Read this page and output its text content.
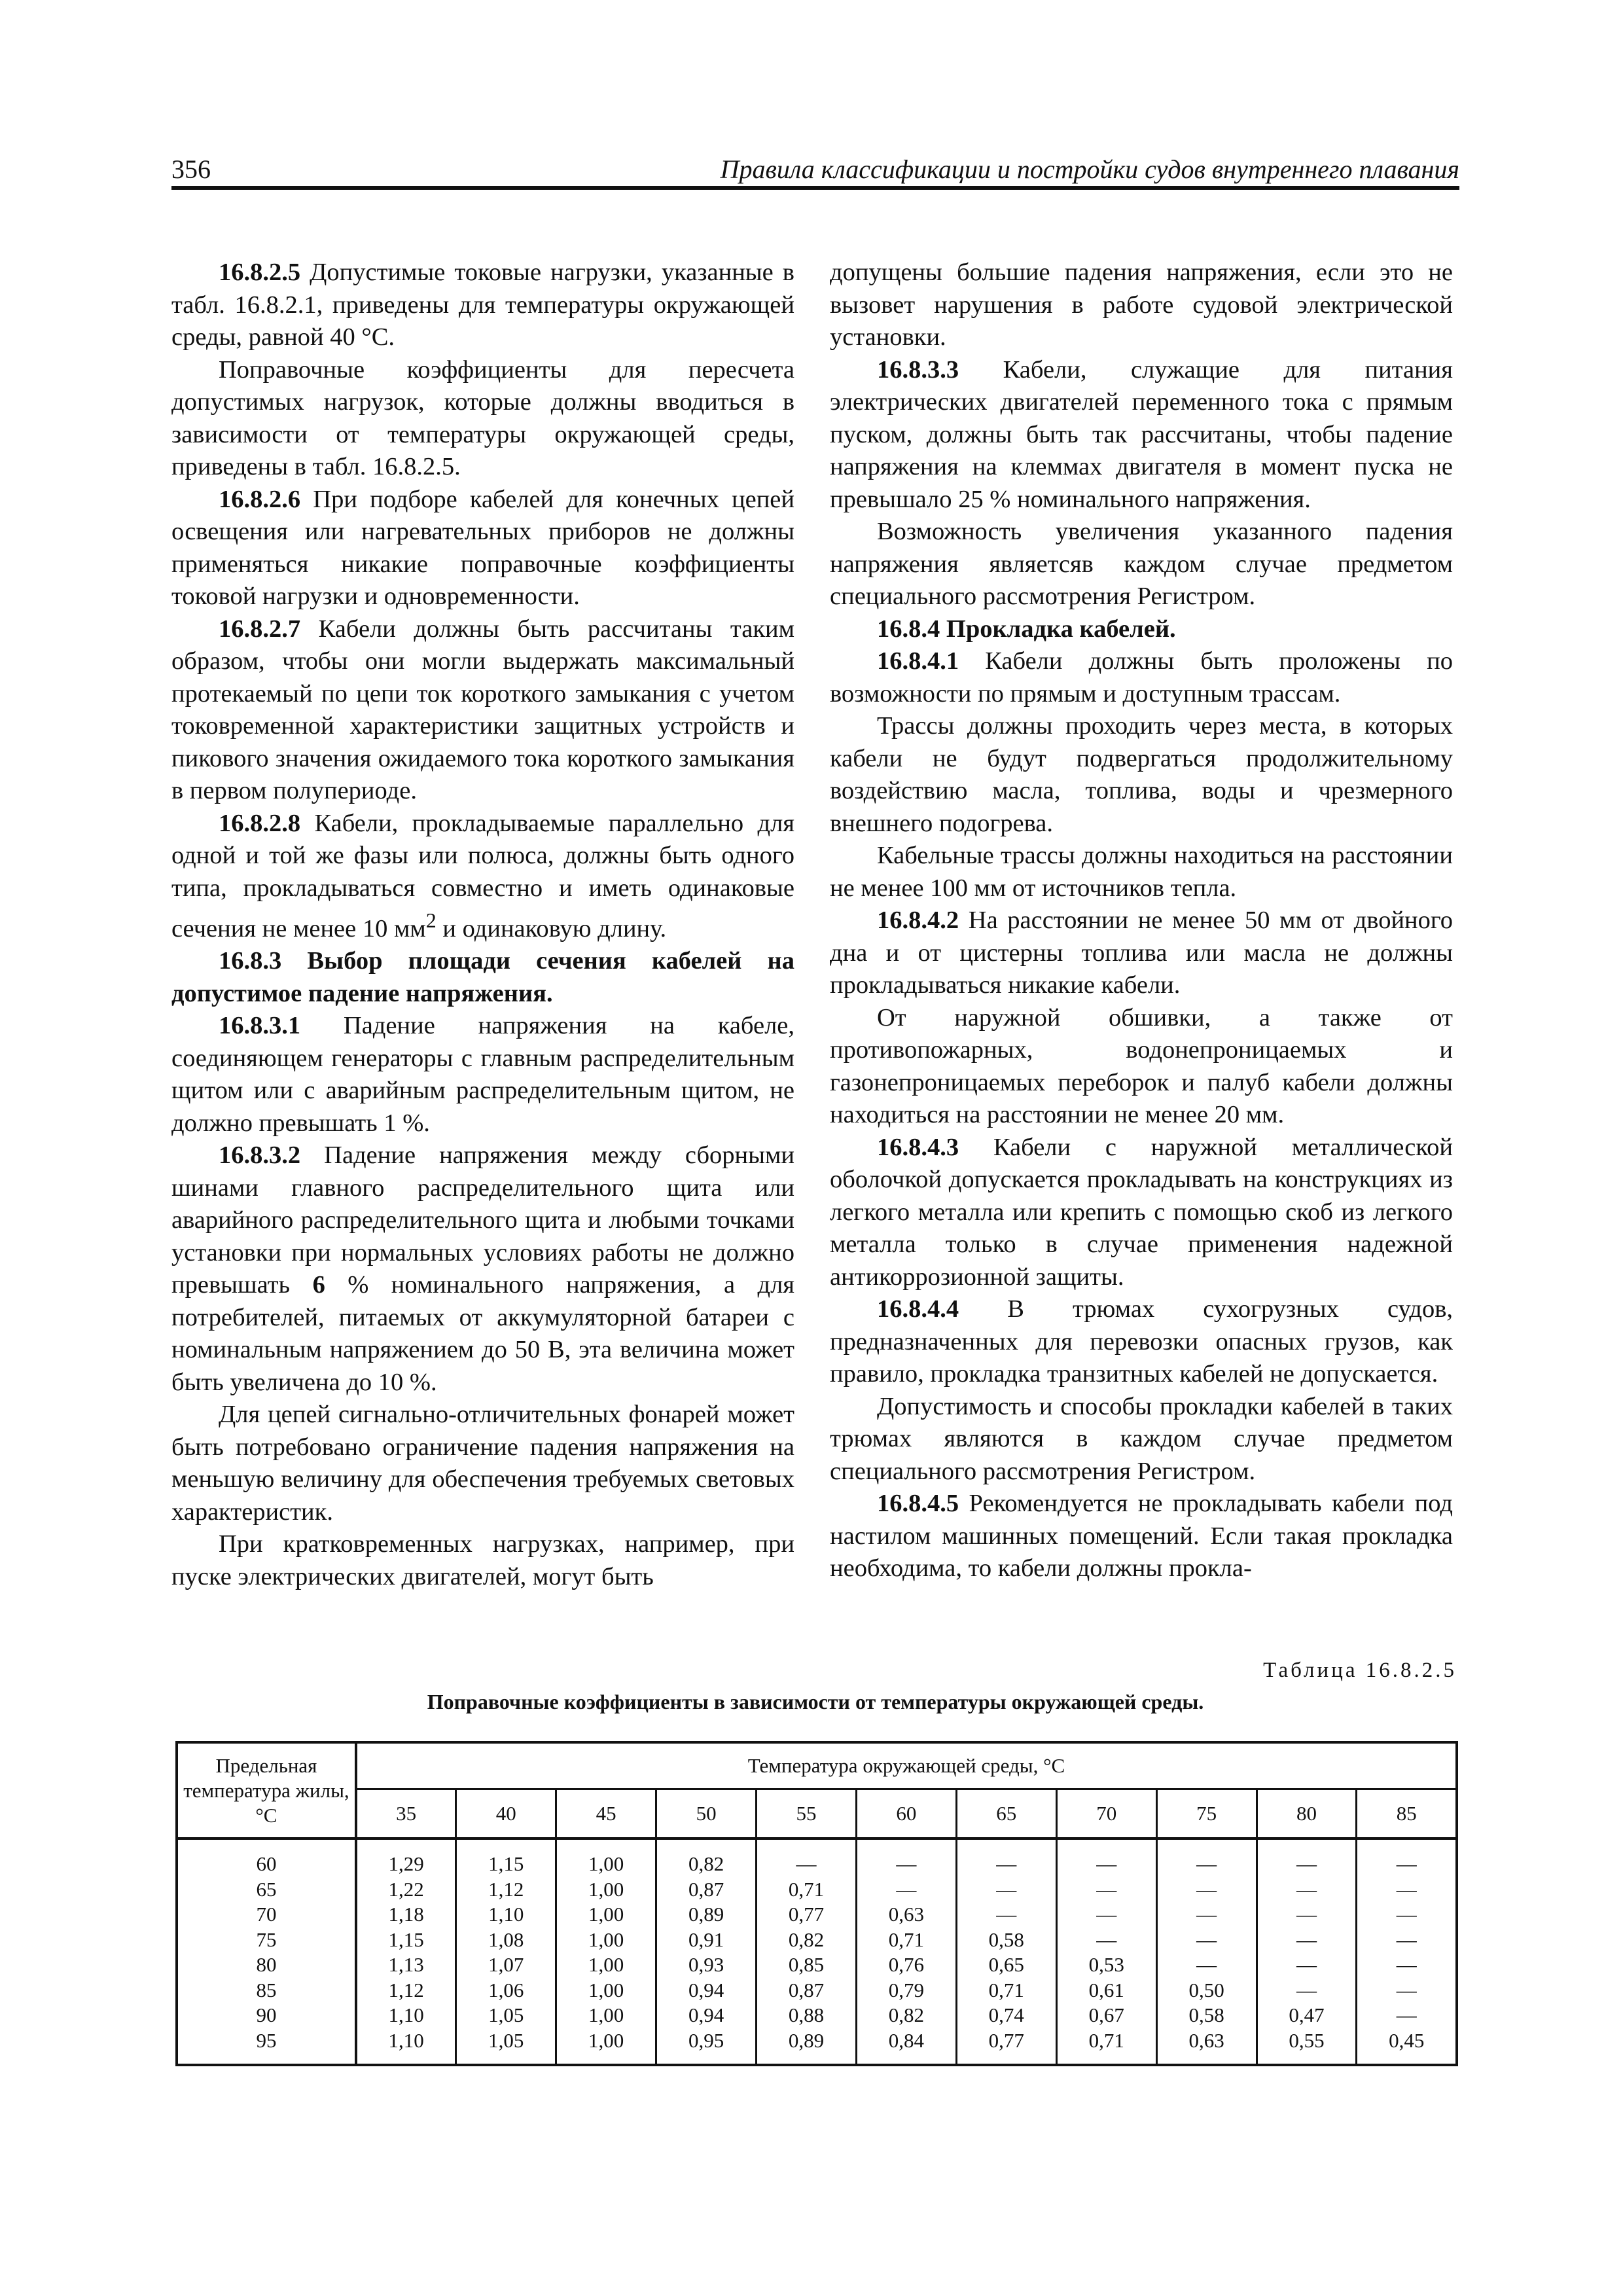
356	Правила классификации и постройки судов внутреннего плавания

16.8.2.5 Допустимые токовые нагрузки, указанные в табл. 16.8.2.1, приведены для температуры окружающей среды, равной 40 °С.

Поправочные коэффициенты для пересчета допустимых нагрузок, которые должны вводиться в зависимости от температуры окружающей среды, приведены в табл. 16.8.2.5.

16.8.2.6 При подборе кабелей для конечных цепей освещения или нагревательных приборов не должны применяться никакие поправочные коэффициенты токовой нагрузки и одновременности.

16.8.2.7 Кабели должны быть рассчитаны таким образом, чтобы они могли выдержать максимальный протекаемый по цепи ток короткого замыкания с учетом токовременной характеристики защитных устройств и пикового значения ожидаемого тока короткого замыкания в первом полупериоде.

16.8.2.8 Кабели, прокладываемые параллельно для одной и той же фазы или полюса, должны быть одного типа, прокладываться совместно и иметь одинаковые сечения не менее 10 $мм^2$ и одинаковую длину.

16.8.3 Выбор площади сечения кабелей на допустимое падение напряжения.

16.8.3.1 Падение напряжения на кабеле, соединяющем генераторы с главным распределительным щитом или с аварийным распределительным щитом, не должно превышать 1 %.

16.8.3.2 Падение напряжения между сборными шинами главного распределительного щита или аварийного распределительного щита и любыми точками установки при нормальных условиях работы не должно превышать 6 % номинального напряжения, а для потребителей, питаемых от аккумуляторной батареи с номинальным напряжением до 50 В, эта величина может быть увеличена до 10 %.

Для цепей сигнально-отличительных фонарей может быть потребовано ограничение падения напряжения на меньшую величину для обеспечения требуемых световых характеристик.

При кратковременных нагрузках, например, при пуске электрических двигателей, могут быть

допущены большие падения напряжения, если это не вызовет нарушения в работе судовой электрической установки.

16.8.3.3 Кабели, служащие для питания электрических двигателей переменного тока с прямым пуском, должны быть так рассчитаны, чтобы падение напряжения на клеммах двигателя в момент пуска не превышало 25 % номинального напряжения.

Возможность увеличения указанного падения напряжения являетсяв каждом случае предметом специального рассмотрения Регистром.

16.8.4 Прокладка кабелей.

16.8.4.1 Кабели должны быть проложены по возможности по прямым и доступным трассам.

Трассы должны проходить через места, в которых кабели не будут подвергаться продолжительному воздействию масла, топлива, воды и чрезмерного внешнего подогрева.

Кабельные трассы должны находиться на расстоянии не менее 100 мм от источников тепла.

16.8.4.2 На расстоянии не менее 50 мм от двойного дна и от цистерны топлива или масла не должны прокладываться никакие кабели.

От наружной обшивки, а также от противопожарных, водонепроницаемых и газонепроницаемых переборок и палуб кабели должны находиться на расстоянии не менее 20 мм.

16.8.4.3 Кабели с наружной металлической оболочкой допускается прокладывать на конструкциях из легкого металла или крепить с помощью скоб из легкого металла только в случае применения надежной антикоррозионной защиты.

16.8.4.4 В трюмах сухогрузных судов, предназначенных для перевозки опасных грузов, как правило, прокладка транзитных кабелей не допускается.

Допустимость и способы прокладки кабелей в таких трюмах являются в каждом случае предметом специального рассмотрения Регистром.

16.8.4.5 Рекомендуется не прокладывать кабели под настилом машинных помещений. Если такая прокладка необходима, то кабели должны прокла-

Таблица 16.8.2.5
Поправочные коэффициенты в зависимости от температуры окружающей среды.
Предельная температура жилы, °С	Температура окружающей среды, °С										
	35	40	45	50	55	60	65	70	75	80	85
60	1,29	1,15	1,00	0,82	—	—	—	—	—	—	—
65	1,22	1,12	1,00	0,87	0,71	—	—	—	—	—	—
70	1,18	1,10	1,00	0,89	0,77	0,63	—	—	—	—	—
75	1,15	1,08	1,00	0,91	0,82	0,71	0,58	—	—	—	—
80	1,13	1,07	1,00	0,93	0,85	0,76	0,65	0,53	—	—	—
85	1,12	1,06	1,00	0,94	0,87	0,79	0,71	0,61	0,50	—	—
90	1,10	1,05	1,00	0,94	0,88	0,82	0,74	0,67	0,58	0,47	—
95	1,10	1,05	1,00	0,95	0,89	0,84	0,77	0,71	0,63	0,55	0,45
